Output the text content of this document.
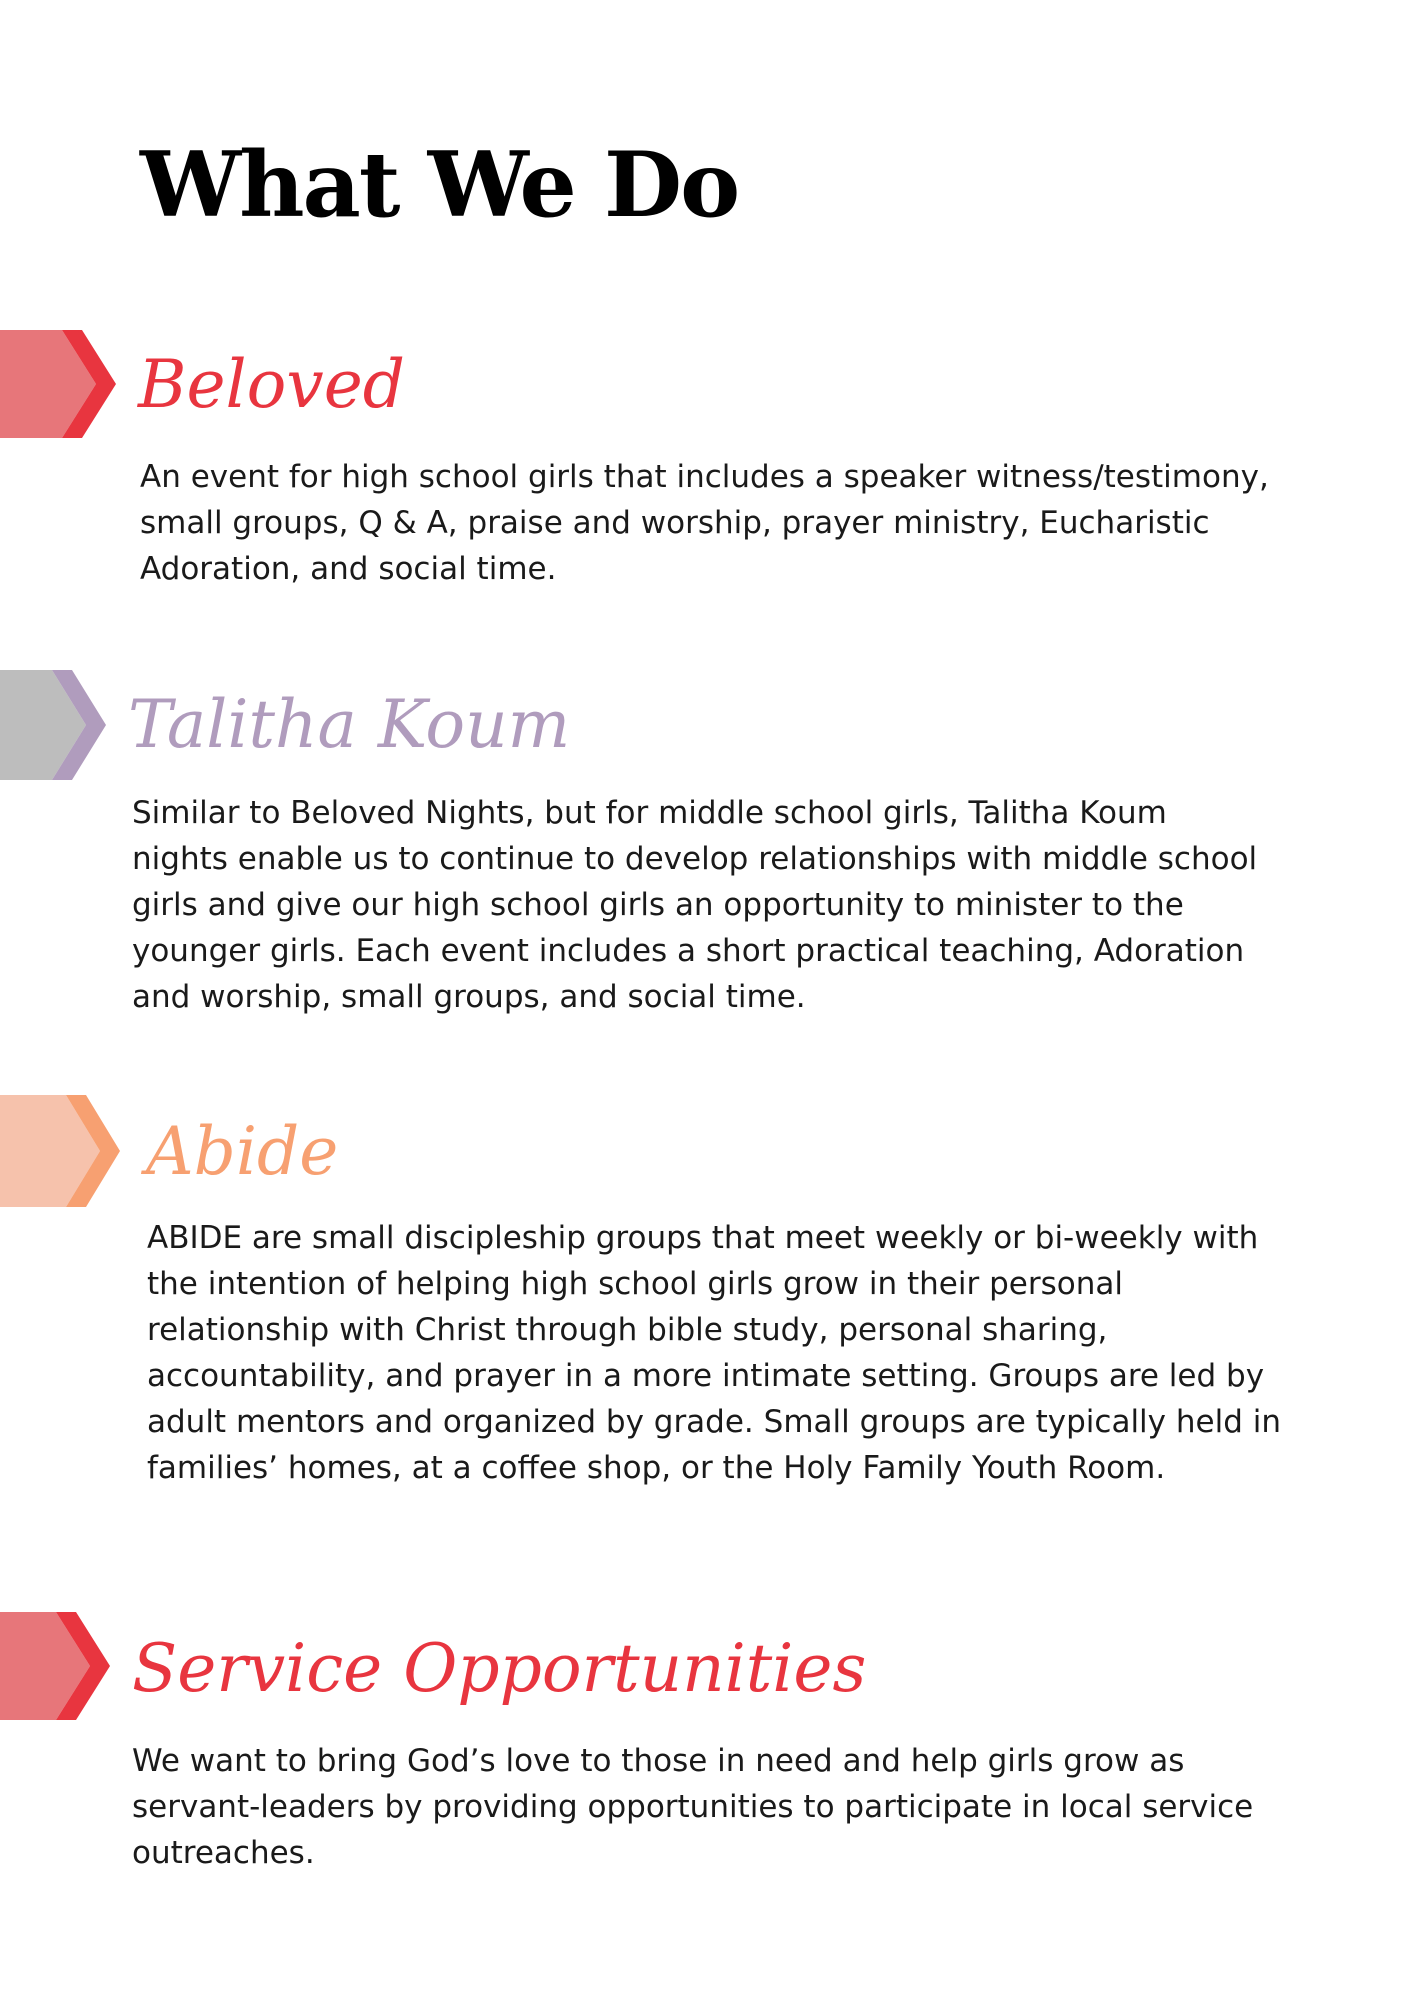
What We Do
Beloved

An event for high school girls that includes a speaker witness/testimony, small groups, Q & A, praise and worship, prayer ministry, Eucharistic Adoration, and social time.

Talitha Koum

Similar to Beloved Nights, but for middle school girls, Talitha Koum nights enable us to continue to develop relationships with middle school girls and give our high school girls an opportunity to minister to the younger girls. Each event includes a short practical teaching, Adoration and worship, small groups, and social time.

Abide

ABIDE are small discipleship groups that meet weekly or bi-weekly with the intention of helping high school girls grow in their personal relationship with Christ through bible study, personal sharing, accountability, and prayer in a more intimate setting. Groups are led by adult mentors and organized by grade. Small groups are typically held in families’ homes, at a coffee shop, or the Holy Family Youth Room.

Service Opportunities

We want to bring God’s love to those in need and help girls grow as servant-leaders by providing opportunities to participate in local service outreaches.
